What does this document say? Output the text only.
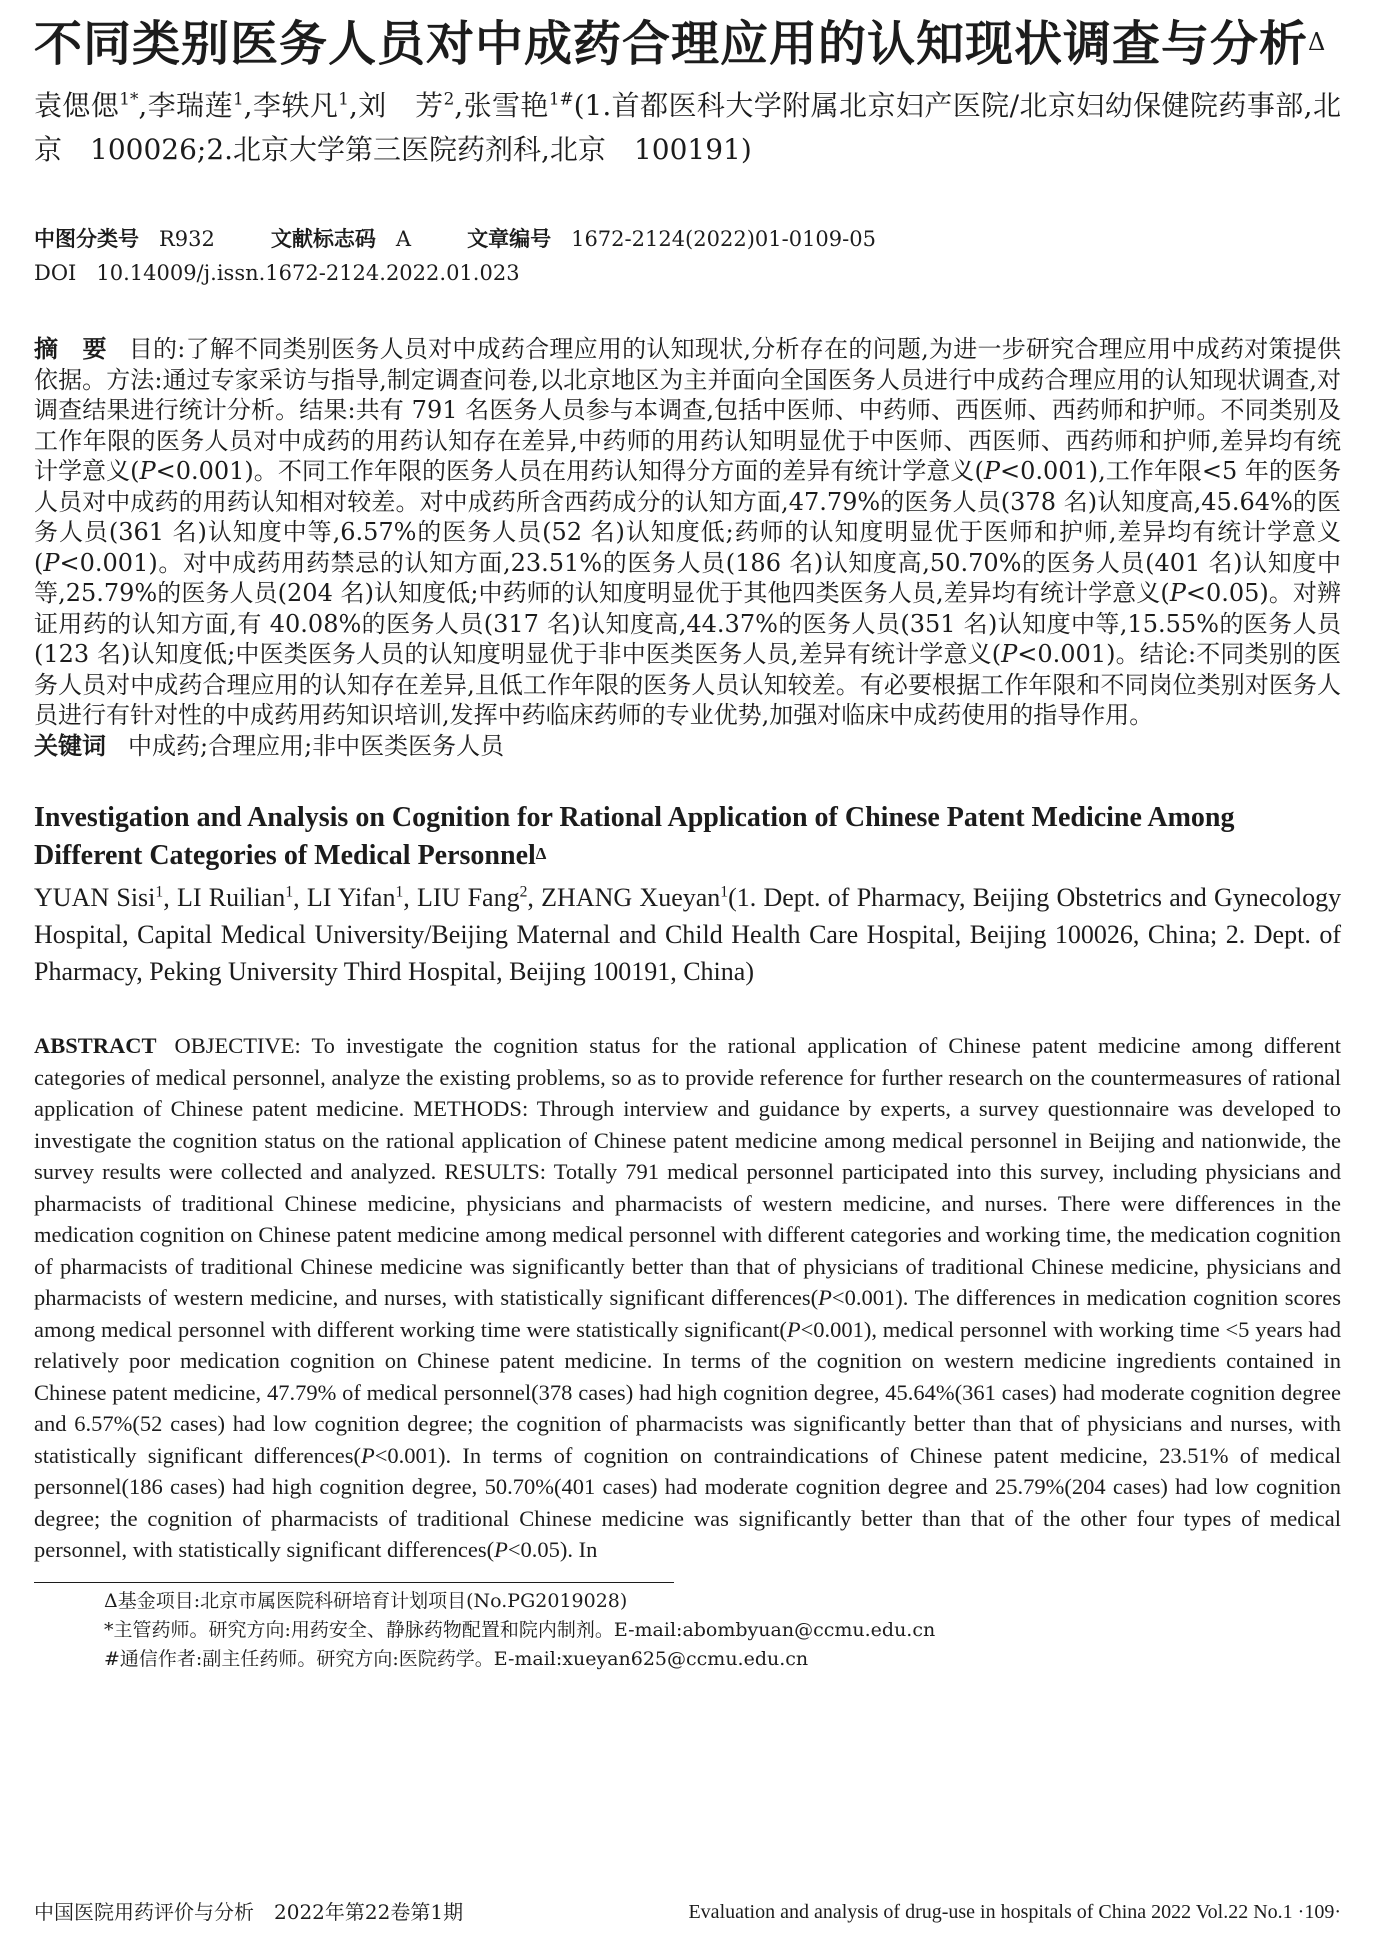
不同类别医务人员对中成药合理应用的认知现状调查与分析$^\Delta$
袁偲偲$^{1*}$,李瑞莲$^1$,李轶凡$^1$,刘　芳$^2$,张雪艳$^{1\#}$(1.首都医科大学附属北京妇产医院/北京妇幼保健院药事部,北京　100026;2.北京大学第三医院药剂科,北京　100191)
中图分类号 R932	文献标志码 A	文章编号 1672-2124(2022)01-0109-05
DOI 10.14009/j.issn.1672-2124.2022.01.023

摘　要 目的:了解不同类别医务人员对中成药合理应用的认知现状,分析存在的问题,为进一步研究合理应用中成药对策提供依据。方法:通过专家采访与指导,制定调查问卷,以北京地区为主并面向全国医务人员进行中成药合理应用的认知现状调查,对调查结果进行统计分析。结果:共有 791 名医务人员参与本调查,包括中医师、中药师、西医师、西药师和护师。不同类别及工作年限的医务人员对中成药的用药认知存在差异,中药师的用药认知明显优于中医师、西医师、西药师和护师,差异均有统计学意义(P<0.001)。不同工作年限的医务人员在用药认知得分方面的差异有统计学意义(P<0.001),工作年限<5 年的医务人员对中成药的用药认知相对较差。对中成药所含西药成分的认知方面,47.79%的医务人员(378 名)认知度高,45.64%的医务人员(361 名)认知度中等,6.57%的医务人员(52 名)认知度低;药师的认知度明显优于医师和护师,差异均有统计学意义(P<0.001)。对中成药用药禁忌的认知方面,23.51%的医务人员(186 名)认知度高,50.70%的医务人员(401 名)认知度中等,25.79%的医务人员(204 名)认知度低;中药师的认知度明显优于其他四类医务人员,差异均有统计学意义(P<0.05)。对辨证用药的认知方面,有 40.08%的医务人员(317 名)认知度高,44.37%的医务人员(351 名)认知度中等,15.55%的医务人员(123 名)认知度低;中医类医务人员的认知度明显优于非中医类医务人员,差异有统计学意义(P<0.001)。结论:不同类别的医务人员对中成药合理应用的认知存在差异,且低工作年限的医务人员认知较差。有必要根据工作年限和不同岗位类别对医务人员进行有针对性的中成药用药知识培训,发挥中药临床药师的专业优势,加强对临床中成药使用的指导作用。

关键词 中成药;合理应用;非中医类医务人员
Investigation and Analysis on Cognition for Rational Application of Chinese Patent Medicine Among Different Categories of Medical Personnel$^\Delta$
YUAN Sisi$^1$, LI Ruilian$^1$, LI Yifan$^1$, LIU Fang$^2$, ZHANG Xueyan$^1$(1. Dept. of Pharmacy, Beijing Obstetrics and Gynecology Hospital, Capital Medical University/Beijing Maternal and Child Health Care Hospital, Beijing 100026, China; 2. Dept. of Pharmacy, Peking University Third Hospital, Beijing 100191, China)

ABSTRACT OBJECTIVE: To investigate the cognition status for the rational application of Chinese patent medicine among different categories of medical personnel, analyze the existing problems, so as to provide reference for further research on the countermeasures of rational application of Chinese patent medicine. METHODS: Through interview and guidance by experts, a survey questionnaire was developed to investigate the cognition status on the rational application of Chinese patent medicine among medical personnel in Beijing and nationwide, the survey results were collected and analyzed. RESULTS: Totally 791 medical personnel participated into this survey, including physicians and pharmacists of traditional Chinese medicine, physicians and pharmacists of western medicine, and nurses. There were differences in the medication cognition on Chinese patent medicine among medical personnel with different categories and working time, the medication cognition of pharmacists of traditional Chinese medicine was significantly better than that of physicians of traditional Chinese medicine, physicians and pharmacists of western medicine, and nurses, with statistically significant differences(P<0.001). The differences in medication cognition scores among medical personnel with different working time were statistically significant(P<0.001), medical personnel with working time <5 years had relatively poor medication cognition on Chinese patent medicine. In terms of the cognition on western medicine ingredients contained in Chinese patent medicine, 47.79% of medical personnel(378 cases) had high cognition degree, 45.64%(361 cases) had moderate cognition degree and 6.57%(52 cases) had low cognition degree; the cognition of pharmacists was significantly better than that of physicians and nurses, with statistically significant differences(P<0.001). In terms of cognition on contraindications of Chinese patent medicine, 23.51% of medical personnel(186 cases) had high cognition degree, 50.70%(401 cases) had moderate cognition degree and 25.79%(204 cases) had low cognition degree; the cognition of pharmacists of traditional Chinese medicine was significantly better than that of the other four types of medical personnel, with statistically significant differences(P<0.05). In

Δ基金项目:北京市属医院科研培育计划项目(No.PG2019028)
*主管药师。研究方向:用药安全、静脉药物配置和院内制剂。E-mail:abombyuan@ccmu.edu.cn
#通信作者:副主任药师。研究方向:医院药学。E-mail:xueyan625@ccmu.edu.cn
中国医院用药评价与分析　2022年第22卷第1期	Evaluation and analysis of drug-use in hospitals of China 2022 Vol.22 No.1 ·109·
